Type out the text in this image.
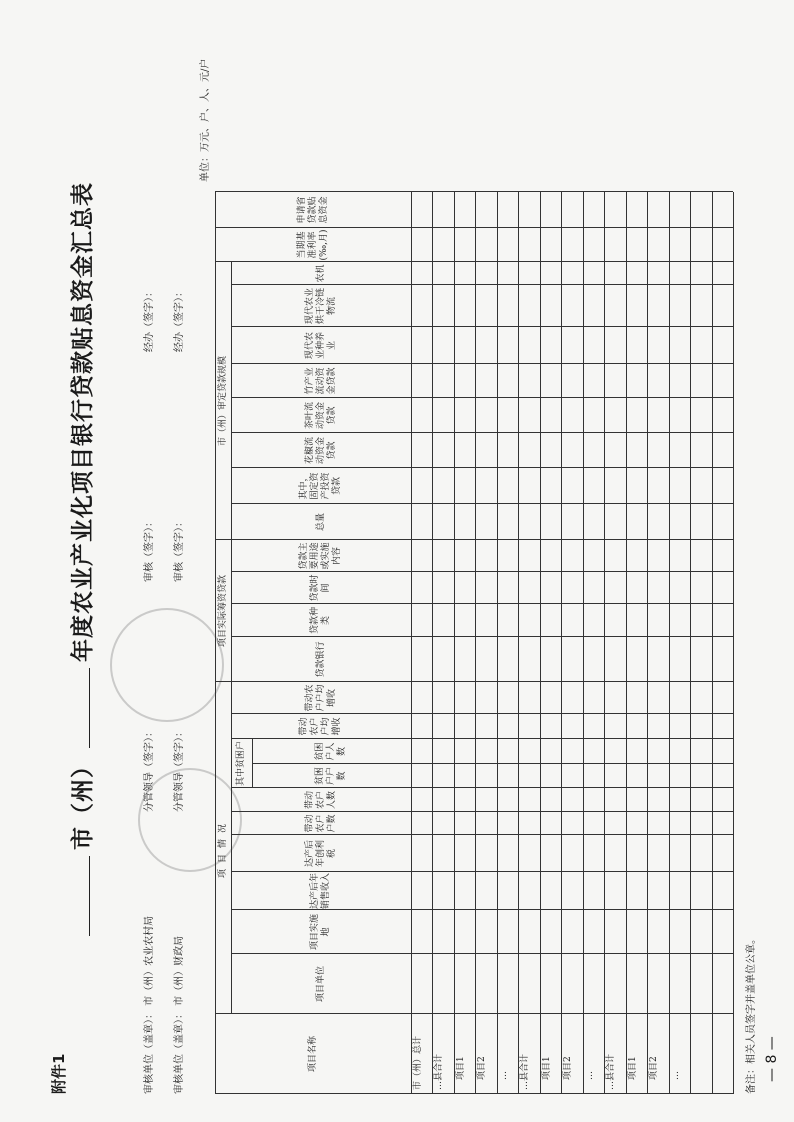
附件1
市（州）年度农业产业化项目银行贷款贴息资金汇总表
审核单位（盖章）： 市（州）农业农村局
分管领导（签字）：
审核（签字）：
经办（签字）：
审核单位（盖章）： 市（州）财政局
分管领导（签字）：
审核（签字）：
经办（签字）：
单位：万元、户、人、元/户
项目情况
项目实际筹资贷款
市（州）审定贷款规模
其中贫困户
项目名称
项目单位
项目实施地
达产后年销售收入
达产后年创利税
带动农户户数
带动农户人数
贫困户户数
贫困户人数
带动农户户均增收
带动农户户均增收
贷款银行
贷款种类
贷款时间
贷款主要用途或实施内容
总量
其中，固定资产投资贷款
花椒流动资金贷款
茶叶流动资金贷款
竹产业流动资金贷款
现代农业种养业
现代农业烘干冷链物流
农机
当期基准利率(‰,月)
申请省贷款贴息资金
市（州）总计 …县合计 项目1 项目2 … …县合计 项目1 项目2 … …县合计 项目1 项目2 …	备注：相关人员签字并盖单位公章。 — 8 —
